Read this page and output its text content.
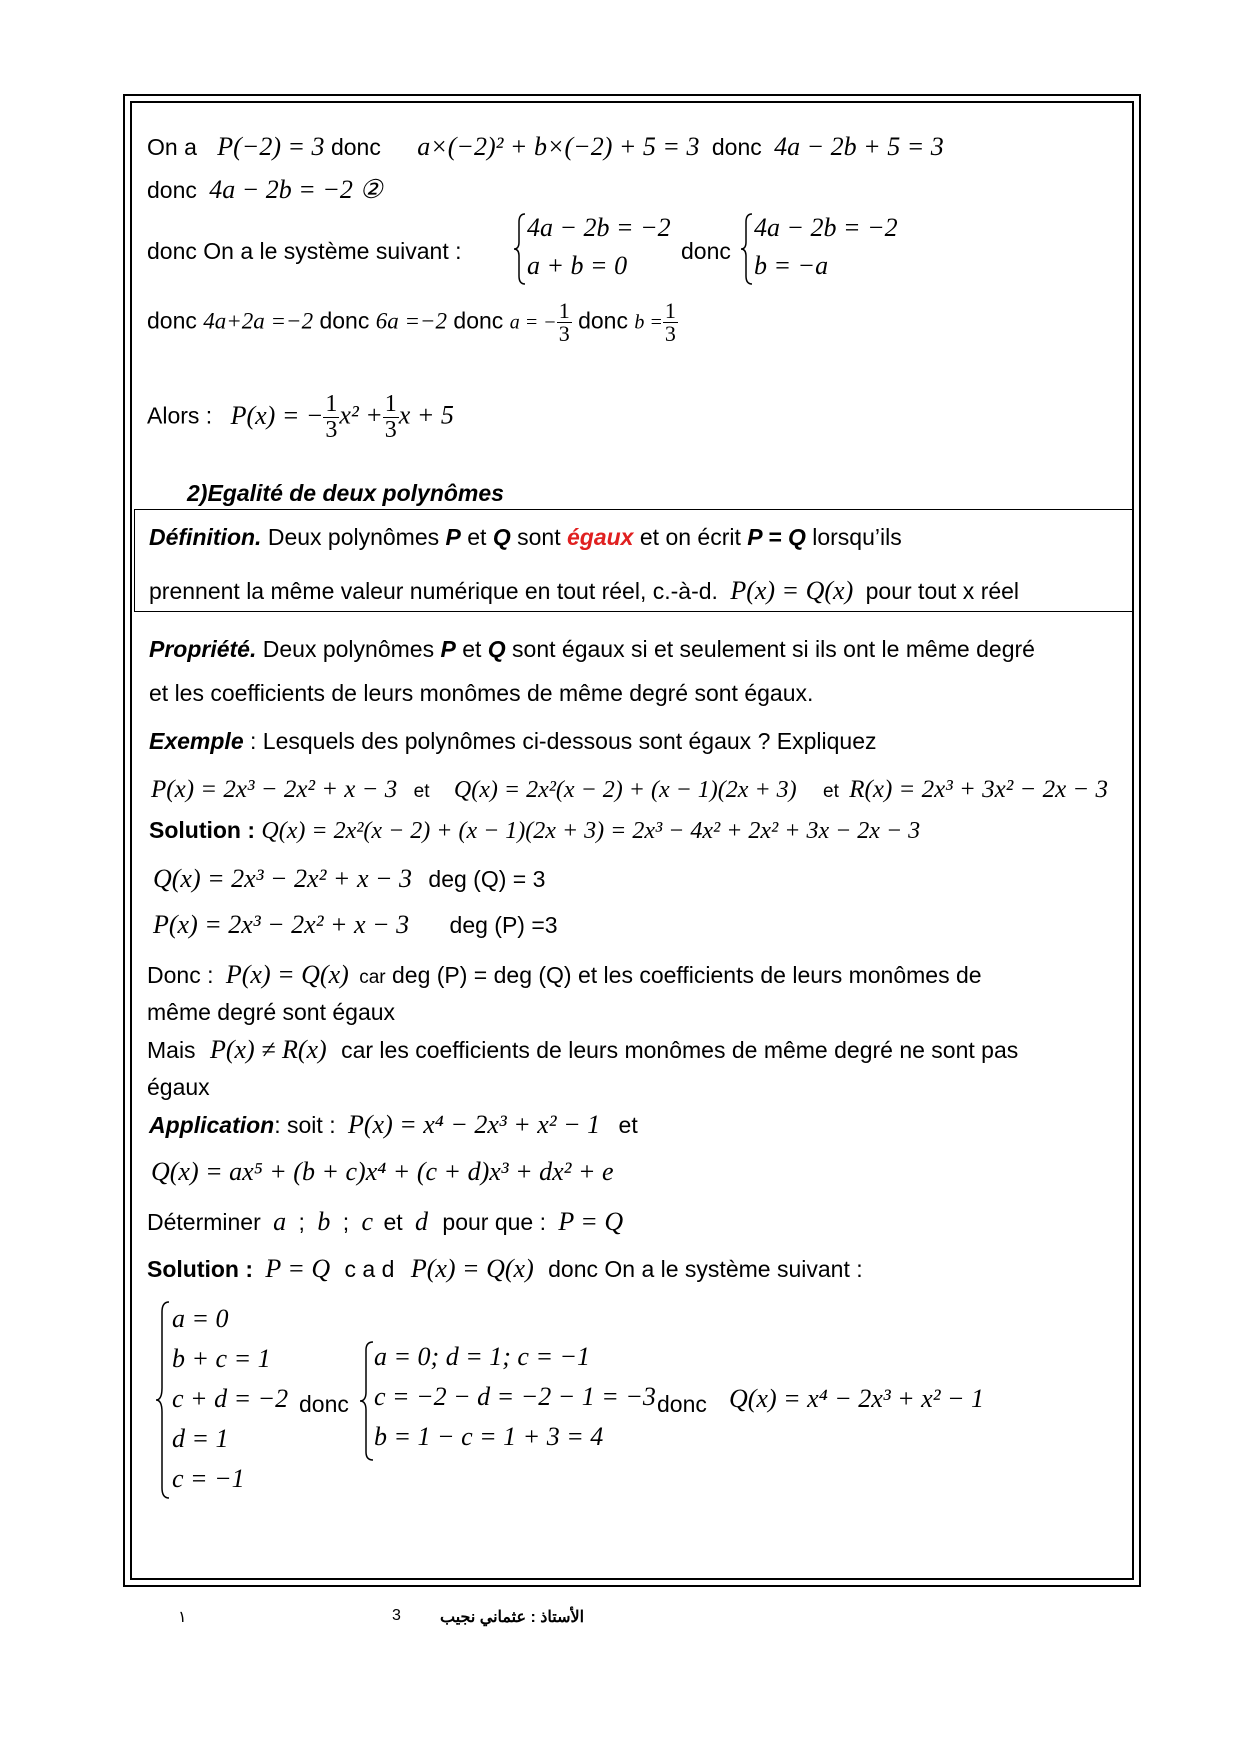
On a P(−2) = 3 donc a×(−2)² + b×(−2) + 5 = 3 donc 4a − 2b + 5 = 3
donc 4a − 2b = −2 ②
donc On a le système suivant :
4a − 2b = −2
a + b = 0 donc
4a − 2b = −2
b = −a
donc 4a+2a =−2 donc 6a =−2 donc a = − $\frac{1}{3}$ donc $b = \frac{1}{3}$
Alors : P(x) = − $\frac{1}{3} x^2 + \frac{1}{3}$ x + 5
2)Egalité de deux polynômes
Définition. Deux polynômes P et Q sont égaux et on écrit P = Q lorsqu’ils
prennent la même valeur numérique en tout réel, c.-à-d. P(x) = Q(x) pour tout x réel
Propriété. Deux polynômes P et Q sont égaux si et seulement si ils ont le même degré
et les coefficients de leurs monômes de même degré sont égaux.
Exemple : Lesquels des polynômes ci-dessous sont égaux ? Expliquez
P(x) = 2x³ − 2x² + x − 3 et Q(x) = 2x²(x − 2) + (x − 1)(2x + 3) et R(x) = 2x³ + 3x² − 2x − 3
Solution : Q(x) = 2x²(x − 2) + (x − 1)(2x + 3) = 2x³ − 4x² + 2x² + 3x − 2x − 3
Q(x) = 2x³ − 2x² + x − 3 deg (Q) = 3
P(x) = 2x³ − 2x² + x − 3 deg (P) =3
Donc : P(x) = Q(x) car deg (P) = deg (Q) et les coefficients de leurs monômes de
même degré sont égaux
Mais P(x) ≠ R(x) car les coefficients de leurs monômes de même degré ne sont pas
égaux
Application: soit : P(x) = x⁴ − 2x³ + x² − 1 et
Q(x) = ax⁵ + (b + c)x⁴ + (c + d)x³ + dx² + e
Déterminer a ; b ; c et d pour que : P = Q
Solution : P = Q c a d P(x) = Q(x) donc On a le système suivant :
a = 0
b + c = 1
c + d = −2
d = 1
c = −1
donc
a = 0; d = 1; c = −1
c = −2 − d = −2 − 1 = −3
b = 1 − c = 1 + 3 = 4
donc Q(x) = x⁴ − 2x³ + x² − 1
١	3 الأستاذ : عثماني نجيب
